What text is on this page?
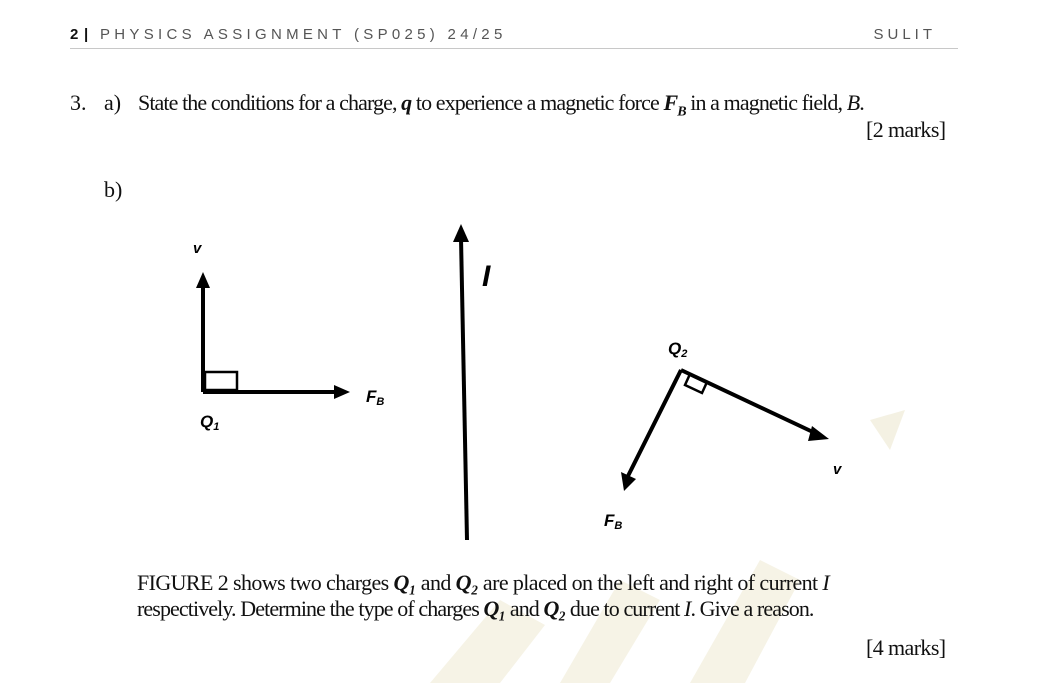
2 | PHYSICS ASSIGNMENT (SP025) 24/25	SULIT
3. a) State the conditions for a charge, q to experience a magnetic force $F_B$ in a magnetic field, B.
[2 marks]
b)
v
FB
Q1
I
Q2
v
FB
FIGURE 2 shows two charges Q₁ and Q₂ are placed on the left and right of current I
respectively. Determine the type of charges Q₁ and Q₂ due to current I. Give a reason.
[4 marks]
